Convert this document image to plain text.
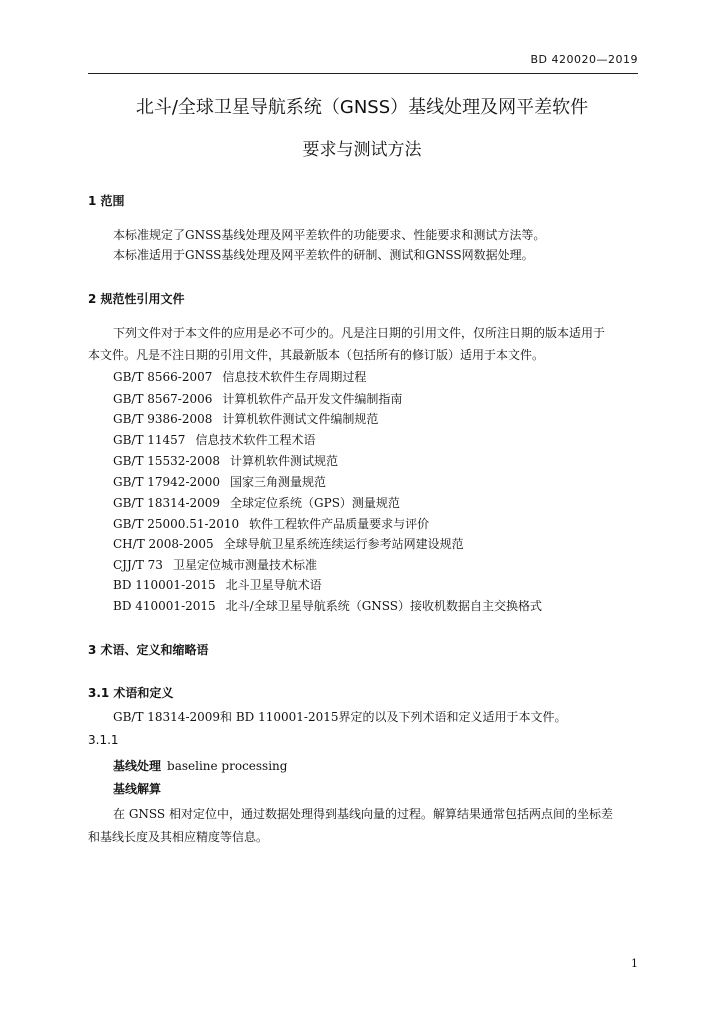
BD 420020—2019
北斗/全球卫星导航系统（GNSS）基线处理及网平差软件
要求与测试方法
1 范围
本标准规定了GNSS基线处理及网平差软件的功能要求、性能要求和测试方法等。
本标准适用于GNSS基线处理及网平差软件的研制、测试和GNSS网数据处理。
2 规范性引用文件
下列文件对于本文件的应用是必不可少的。凡是注日期的引用文件，仅所注日期的版本适用于
本文件。凡是不注日期的引用文件，其最新版本（包括所有的修订版）适用于本文件。
GB/T 8566-2007 信息技术软件生存周期过程
GB/T 8567-2006 计算机软件产品开发文件编制指南
GB/T 9386-2008 计算机软件测试文件编制规范
GB/T 11457 信息技术软件工程术语
GB/T 15532-2008 计算机软件测试规范
GB/T 17942-2000 国家三角测量规范
GB/T 18314-2009 全球定位系统（GPS）测量规范
GB/T 25000.51-2010 软件工程软件产品质量要求与评价
CH/T 2008-2005 全球导航卫星系统连续运行参考站网建设规范
CJJ/T 73 卫星定位城市测量技术标准
BD 110001-2015 北斗卫星导航术语
BD 410001-2015 北斗/全球卫星导航系统（GNSS）接收机数据自主交换格式
3 术语、定义和缩略语
3.1 术语和定义
GB/T 18314-2009和 BD 110001-2015界定的以及下列术语和定义适用于本文件。
3.1.1
基线处理 baseline processing
基线解算
在 GNSS 相对定位中，通过数据处理得到基线向量的过程。解算结果通常包括两点间的坐标差
和基线长度及其相应精度等信息。
1
